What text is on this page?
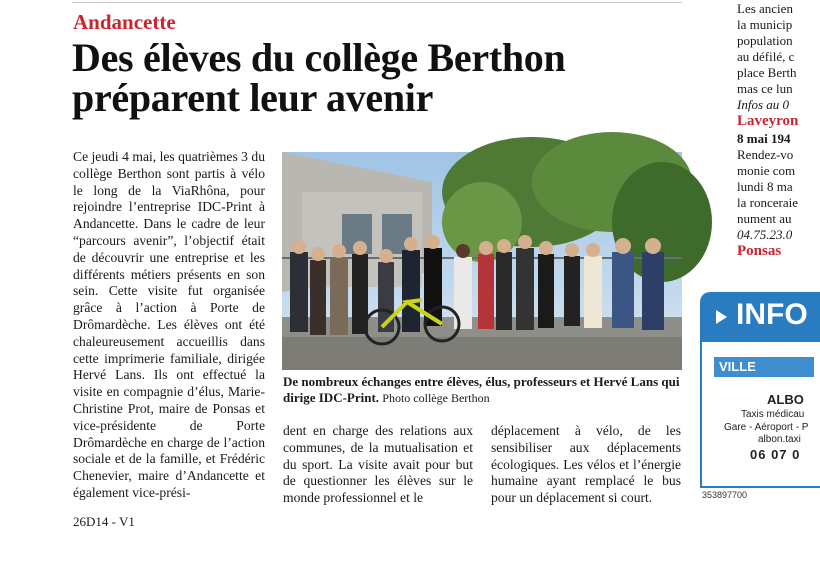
Andancette
Des élèves du collège Berthon préparent leur avenir

Ce jeudi 4 mai, les quatrièmes 3 du collège Berthon sont partis à vélo le long de la ViaRhôna, pour rejoindre l’entreprise IDC-Print à Andancette. Dans le cadre de leur “parcours avenir”, l’objectif était de découvrir une entreprise et les différents métiers présents en son sein. Cette visite fut organisée grâce à l’action à Porte de Drômardèche. Les élèves ont été chaleureusement accueillis dans cette imprimerie familiale, dirigée Hervé Lans. Ils ont effectué la visite en compagnie d’élus, Marie-Christine Prot, maire de Ponsas et vice-présidente de Porte Drômardèche en charge de l’action sociale et de la famille, et Frédéric Chenevier, maire d’Andancette et également vice-prési-

De nombreux échanges entre élèves, élus, professeurs et Hervé Lans qui dirige IDC-Print. Photo collège Berthon

dent en charge des relations aux communes, de la mutualisation et du sport. La visite avait pour but de questionner les élèves sur le monde professionnel et le

déplacement à vélo, de les sensibiliser aux déplacements écologiques. Les vélos et l’énergie humaine ayant remplacé le bus pour un déplacement si court.

26D14 - V1
Les ancien
la municip
population
au défilé, c
place Berth
mas ce lun
Infos au 0
Laveyron
8 mai 194
Rendez-vo
monie com
lundi 8 ma
la ronceraie
nument au
04.75.23.0
Ponsas
INFO
VILLE
ALBO
Taxis médicau
Gare - Aéroport - P
albon.taxi
06 07 0
353897700
